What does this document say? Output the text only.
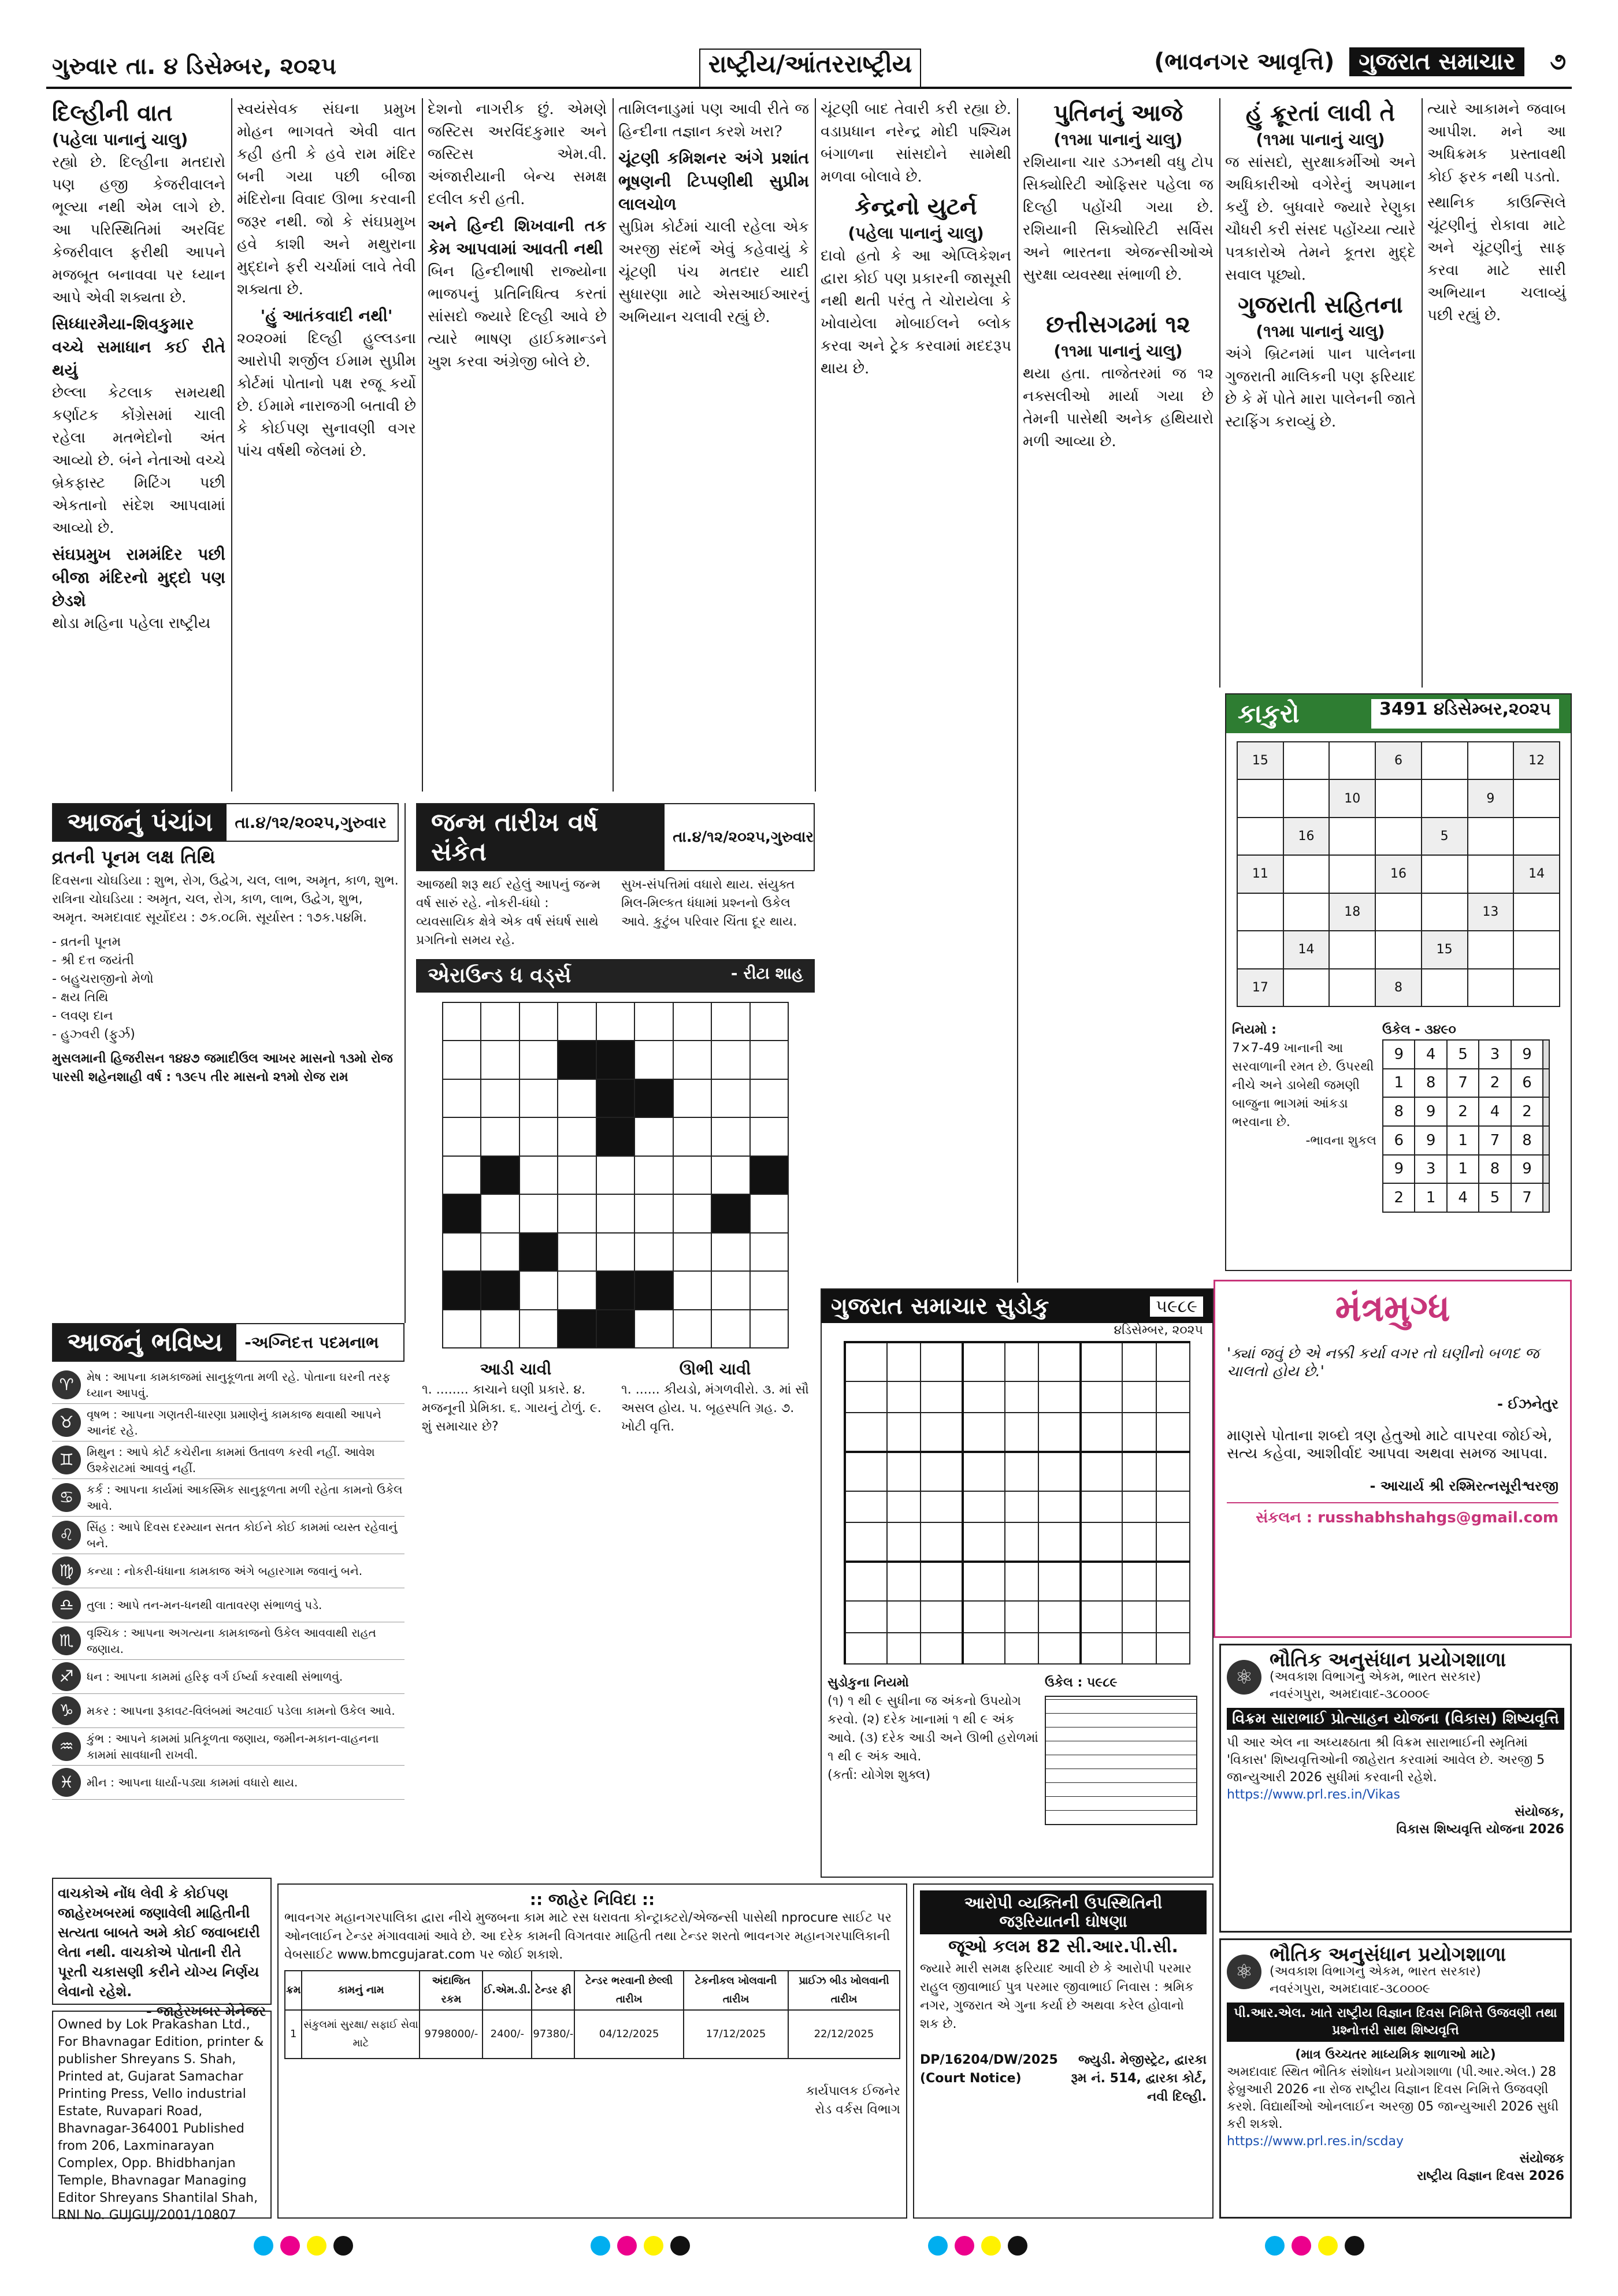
ગુરુવાર તા. ૪ ડિસેમ્બર, ૨૦૨૫	રાષ્ટ્રીય/આંતરરાષ્ટ્રીય	(ભાવનગર આવૃત્તિ) ગુજરાત સમાચાર ૭
દિલ્હીની વાત
(પહેલા પાનાનું ચાલુ)

રહ્યો છે. દિલ્હીના મતદારો પણ હજી કેજરીવાલને ભૂલ્યા નથી એમ લાગે છે. આ પરિસ્થિતિમાં અરવિંદ કેજરીવાલ ફરીથી આપને મજબૂત બનાવવા પર ધ્યાન આપે એવી શક્યતા છે.

સિધ્ધારમૈયા-શિવકુમાર વચ્ચે સમાધાન કઈ રીતે થયું

છેલ્લા કેટલાક સમયથી કર્ણાટક કોંગ્રેસમાં ચાલી રહેલા મતભેદોનો અંત આવ્યો છે. બંને નેતાઓ વચ્ચે બ્રેકફાસ્ટ મિટિંગ પછી એકતાનો સંદેશ આપવામાં આવ્યો છે.

સંઘપ્રમુખ રામમંદિર પછી બીજા મંદિરનો મુદ્દો પણ છેડશે

થોડા મહિના પહેલા રાષ્ટ્રીય

સ્વયંસેવક સંઘના પ્રમુખ મોહન ભાગવતે એવી વાત કહી હતી કે હવે રામ મંદિર બની ગયા પછી બીજા મંદિરોના વિવાદ ઊભા કરવાની જરૂર નથી. જો કે સંઘપ્રમુખ હવે કાશી અને મથુરાના મુદ્દાને ફરી ચર્ચામાં લાવે તેવી શક્યતા છે.

'હું આતંકવાદી નથી'

૨૦૨૦માં દિલ્હી હુલ્લડના આરોપી શર્જીલ ઈમામ સુપ્રીમ કોર્ટમાં પોતાનો પક્ષ રજૂ કર્યો છે. ઈમામે નારાજગી બતાવી છે કે કોઈપણ સુનાવણી વગર પાંચ વર્ષથી જેલમાં છે.

દેશનો નાગરીક છું. એમણે જસ્ટિસ અરવિંદકુમાર અને જસ્ટિસ એમ.વી. અંજારીયાની બેન્ચ સમક્ષ દલીલ કરી હતી.

અને હિન્દી શિખવાની તક કેમ આપવામાં આવતી નથી

બિન હિન્દીભાષી રાજ્યોના ભાજપનું પ્રતિનિધિત્વ કરતાં સાંસદો જ્યારે દિલ્હી આવે છે ત્યારે ભાષણ હાઈકમાન્ડને ખુશ કરવા અંગ્રેજી બોલે છે.

તામિલનાડુમાં પણ આવી રીતે જ હિન્દીના તજ્ઞાન કરશે ખરા?

ચૂંટણી કમિશનર અંગે પ્રશાંત ભૂષણની ટિપ્પણીથી સુપ્રીમ લાલચોળ

સુપ્રિમ કોર્ટમાં ચાલી રહેલા એક અરજી સંદર્ભે એવું કહેવાયું કે ચૂંટણી પંચ મતદાર યાદી સુધારણા માટે એસઆઈઆરનું અભિયાન ચલાવી રહ્યું છે.

ચૂંટણી બાદ તેવારી કરી રહ્યા છે. વડાપ્રધાન નરેન્દ્ર મોદી પશ્ચિમ બંગાળના સાંસદોને સામેથી મળવા બોલાવે છે.

કેન્દ્રનો યુટર્ન
(પહેલા પાનાનું ચાલુ)

દાવો હતો કે આ એપ્લિકેશન દ્વારા કોઈ પણ પ્રકારની જાસૂસી નથી થતી પરંતુ તે ચોરાયેલા કે ખોવાયેલા મોબાઈલને બ્લોક કરવા અને ટ્રેક કરવામાં મદદરૂપ થાય છે.

પુતિનનું આજે
(૧૧મા પાનાનું ચાલુ)

રશિયાના ચાર ડઝનથી વધુ ટોપ સિક્યોરિટી ઓફિસર પહેલા જ દિલ્હી પહોંચી ગયા છે. રશિયાની સિક્યોરિટી સર્વિસ અને ભારતના એજન્સીઓએ સુરક્ષા વ્યવસ્થા સંભાળી છે.

છત્તીસગઢમાં ૧૨
(૧૧મા પાનાનું ચાલુ)

થયા હતા. તાજેતરમાં જ ૧૨ નક્સલીઓ માર્યા ગયા છે તેમની પાસેથી અનેક હથિયારો મળી આવ્યા છે.

હું ક્રૂરતાં લાવી તે
(૧૧મા પાનાનું ચાલુ)

જ સાંસદો, સુરક્ષાકર્મીઓ અને અધિકારીઓ વગેરેનું અપમાન કર્યું છે. બુધવારે જ્યારે રેણુકા ચૌધરી કરી સંસદ પહોંચ્યા ત્યારે પત્રકારોએ તેમને કૂતરા મુદ્દે સવાલ પૂછ્યો.

ગુજરાતી સહિતના
(૧૧મા પાનાનું ચાલુ)

અંગે બ્રિટનમાં પાન પાલેનના ગુજરાતી માલિકની પણ ફરિયાદ છે કે મેં પોતે મારા પાલેનની જાતે સ્ટાફિંગ કરાવ્યું છે.

ત્યારે આકામને જવાબ આપીશ. મને આ અધિક્રમક પ્રસ્તાવથી કોઈ ફરક નથી પડતો.

સ્થાનિક કાઉન્સિલે ચૂંટણીનું રોકાવા માટે અને ચૂંટણીનું સાફ કરવા માટે સારી અભિયાન ચલાવ્યું પછી રહ્યું છે.

કાકુરો	3491 ૪ડિસેમ્બર,૨૦૨૫
15			6			12
		10			9	
	16			5		
11			16			14
		18			13	
	14			15		
17			8			
નિયમો :
7×7-49 ખાનાની આ સરવાળાની રમત છે. ઉપરથી નીચે અને ડાબેથી જમણી બાજુના ભાગમાં આંકડા ભરવાના છે.
-ભાવના શુકલ
ઉકેલ - ૩૪૯૦
9	4	5	3	9	
1	8	7	2	6	
8	9	2	4	2	
6	9	1	7	8	
9	3	1	8	9	
2	1	4	5	7	
મંત્રમુગ્ધ

'ક્યાં જવું છે એ નક્કી કર્યા વગર તો ઘણીનો બળદ જ ચાલતો હોય છે.'

- ઈઝનેતુર

માણસે પોતાના શબ્દો ત્રણ હેતુઓ માટે વાપરવા જોઈએ, સત્ય કહેવા, આશીર્વાદ આપવા અથવા સમજ આપવા.

- આચાર્ય શ્રી રશ્મિરત્નસૂરીશ્વરજી
સંકલન : russhabhshahgs@gmail.com
આજનું પંચાંગ	તા.૪/૧૨/૨૦૨૫,ગુરુવાર
વ્રતની પૂનમ લક્ષ તિથિ
દિવસના ચોઘડિયા : શુભ, રોગ, ઉદ્વેગ, ચલ, લાભ, અમૃત, કાળ, શુભ. રાત્રિના ચોઘડિયા : અમૃત, ચલ, રોગ, કાળ, લાભ, ઉદ્વેગ, શુભ, અમૃત. અમદાવાદ સૂર્યોદય : ૭ક.૦૮મિ. સૂર્યાસ્ત : ૧૭ક.૫૪મિ.
- વ્રતની પૂનમ
- શ્રી દત્ત જયંતી
- બહુચરાજીનો મેળો
- ક્ષય તિથિ
- લવણ દાન
- હુઝ્વરી (ફુર્ઝ)
મુસલમાની હિજરીસન ૧૪૪૭ જમાદીઉલ આખર માસનો ૧૩મો રોજ
પારસી શહેનશાહી વર્ષ : ૧૩૯૫ તીર માસનો ૨૧મો રોજ રામ
જન્મ તારીખ વર્ષ સંકેત
તા.૪/૧૨/૨૦૨૫,ગુરુવાર
આજથી શરૂ થઈ રહેલું આપનું જન્મ વર્ષ સારું રહે. નોકરી-ધંધો : વ્યવસાયિક ક્ષેત્રે એક વર્ષ સંઘર્ષ સાથે પ્રગતિનો સમય રહે.
સુખ-સંપત્તિમાં વધારો થાય. સંયુક્ત મિલ-મિલ્કત ધંધામાં પ્રશ્નનો ઉકેલ આવે. કુટુંબ પરિવાર ચિંતા દૂર થાય.
એરાઉન્ડ ધ વર્ડ્સ	- રીટા શાહ

આડી ચાવી
૧. ........ કાચાને ઘણી પ્રકારે. ૪. મજનૂની પ્રેમિકા. ૬. ગાયનું ટોળું. ૯. શું સમાચાર છે?
ઊભી ચાવી
૧. ...... કીયડો, મંગળવીરો. ૩. માં સૌ અસલ હોય. ૫. બૃહસ્પતિ ગ્રહ. ૭. ખોટી વૃત્તિ.
આજનું ભવિષ્ય	-અગ્નિદત્ત પદમનાભ
♈	મેષ : આપના કામકાજમાં સાનુકૂળતા મળી રહે. પોતાના ઘરની તરફ ધ્યાન આપવું.
♉	વૃષભ : આપના ગણતરી-ધારણા પ્રમાણેનું કામકાજ થવાથી આપને આનંદ રહે.
♊	મિથુન : આપે કોર્ટ કચેરીના કામમાં ઉતાવળ કરવી નહીં. આવેશ ઉશ્કેરાટમાં આવવું નહીં.
♋	કર્ક : આપના કાર્યમાં આકસ્મિક સાનુકૂળતા મળી રહેતા કામનો ઉકેલ આવે.
♌	સિંહ : આપે દિવસ દરમ્યાન સતત કોઈને કોઈ કામમાં વ્યસ્ત રહેવાનું બને.
♍	કન્યા : નોકરી-ધંધાના કામકાજ અંગે બહારગામ જવાનું બને.
♎	તુલા : આપે તન-મન-ધનથી વાતાવરણ સંભાળવું પડે.
♏	વૃશ્ચિક : આપના અગત્યના કામકાજનો ઉકેલ આવવાથી રાહત જણાય.
♐	ધન : આપના કામમાં હરિફ વર્ગ ઈર્ષ્યા કરવાથી સંભાળવું.
♑	મકર : આપના રૂકાવટ-વિલંબમાં અટવાઈ પડેલા કામનો ઉકેલ આવે.
♒	કુંભ : આપને કામમાં પ્રતિકૂળતા જણાય, જમીન-મકાન-વાહનના કામમાં સાવધાની રાખવી.
♓	મીન : આપના ધાર્યા-પડ્યા કામમાં વધારો થાય.
વાચકોએ નોંધ લેવી કે કોઈપણ જાહેરખબરમાં જણાવેલી માહિતીની સત્યતા બાબતે અમે કોઈ જવાબદારી લેતા નથી. વાચકોએ પોતાની રીતે પૂરતી ચકાસણી કરીને યોગ્ય નિર્ણય લેવાનો રહેશે.
- જાહેરખબર મેનેજર
Owned by Lok Prakashan Ltd., For Bhavnagar Edition, printer & publisher Shreyans S. Shah, Printed at, Gujarat Samachar Printing Press, Vello industrial Estate, Ruvapari Road, Bhavnagar-364001 Published from 206, Laxminarayan Complex, Opp. Bhidbhanjan Temple, Bhavnagar Managing Editor Shreyans Shantilal Shah, RNI No. GUJGUJ/2001/10807
ગુજરાત સમાચાર સુડોકુ	૫૯૮૯
૪ડિસેમ્બર, ૨૦૨૫

સુડોકુના નિયમો
(૧) ૧ થી ૯ સુધીના જ અંકનો ઉપયોગ કરવો. (૨) દરેક ખાનામાં ૧ થી ૯ અંક આવે. (૩) દરેક આડી અને ઊભી હરોળમાં ૧ થી ૯ અંક આવે.
(કર્તા: યોગેશ શુક્લ)
ઉકેલ : ૫૯૮૯
:: જાહેર નિવિદા ::
ભાવનગર મહાનગરપાલિકા દ્વારા નીચે મુજબના કામ માટે રસ ધરાવતા કોન્ટ્રાક્ટરો/એજન્સી પાસેથી nprocure સાઈટ પર ઓનલાઈન ટેન્ડર મંગાવવામાં આવે છે. આ દરેક કામની વિગતવાર માહિતી તથા ટેન્ડર શરતો ભાવનગર મહાનગરપાલિકાની વેબસાઈટ www.bmcgujarat.com પર જોઈ શકાશે.
ક્રમ	કામનું નામ	અંદાજિત રકમ	ઈ.એમ.ડી.	ટેન્ડર ફી	ટેન્ડર ભરવાની છેલ્લી તારીખ	ટેકનીકલ ખોલવાની તારીખ	પ્રાઈઝ બીડ ખોલવાની તારીખ
1	સંકુલમાં સુરક્ષા/ સફાઈ સેવા માટે	9798000/-	2400/-	97380/-	04/12/2025	17/12/2025	22/12/2025
કાર્યપાલક ઈજનેર
રોડ વર્કસ વિભાગ
આરોપી વ્યક્તિની ઉપસ્થિતિની જરૂરિયાતની ઘોષણા
જૂઓ કલમ 82 સી.આર.પી.સી.
જ્યારે મારી સમક્ષ ફરિયાદ આવી છે કે આરોપી પરમાર રાહુલ જીવાભાઈ પુત્ર પરમાર જીવાભાઈ નિવાસ : શ્રમિક નગર, ગુજરાત એ ગુના કર્યા છે અથવા કરેલ હોવાનો શક છે.
DP/16204/DW/2025
(Court Notice)
જ્યુડી. મેજીસ્ટ્રેટ, દ્વારકા
રૂમ નં. 514, દ્વારકા કોર્ટ, નવી દિલ્હી.
⚛
ભૌતિક અનુસંધાન પ્રયોગશાળા
(અવકાશ વિભાગનું એકમ, ભારત સરકાર)
નવરંગપુરા, અમદાવાદ-૩૮૦૦૦૯
વિક્રમ સારાભાઈ પ્રોત્સાહન યોજના (વિકાસ) શિષ્યવૃત્તિ
પી આર એલ ના અધ્યક્ષ્ઠાતા શ્રી વિક્રમ સારાભાઈની સ્મૃતિમાં 'વિકાસ' શિષ્યવૃત્તિઓની જાહેરાત કરવામાં આવેલ છે. અરજી 5 જાન્યુઆરી 2026 સુધીમાં કરવાની રહેશે.
https://www.prl.res.in/Vikas
સંયોજક,
વિકાસ શિષ્યવૃત્તિ યોજના 2026
⚛
ભૌતિક અનુસંધાન પ્રયોગશાળા
(અવકાશ વિભાગનું એકમ, ભારત સરકાર)
નવરંગપુરા, અમદાવાદ-૩૮૦૦૦૯
પી.આર.એલ. ખાતે રાષ્ટ્રીય વિજ્ઞાન દિવસ નિમિત્તે ઉજવણી તથા પ્રશ્નોત્તરી સાથ શિષ્યવૃત્તિ
(માત્ર ઉચ્ચતર માધ્યમિક શાળાઓ માટે)
અમદાવાદ સ્થિત ભૌતિક સંશોધન પ્રયોગશાળા (પી.આર.એલ.) 28 ફેબ્રુઆરી 2026 ના રોજ રાષ્ટ્રીય વિજ્ઞાન દિવસ નિમિત્તે ઉજવણી કરશે. વિદ્યાર્થીઓ ઓનલાઈન અરજી 05 જાન્યુઆરી 2026 સુધી કરી શકશે.
https://www.prl.res.in/scday
સંયોજક
રાષ્ટ્રીય વિજ્ઞાન દિવસ 2026
